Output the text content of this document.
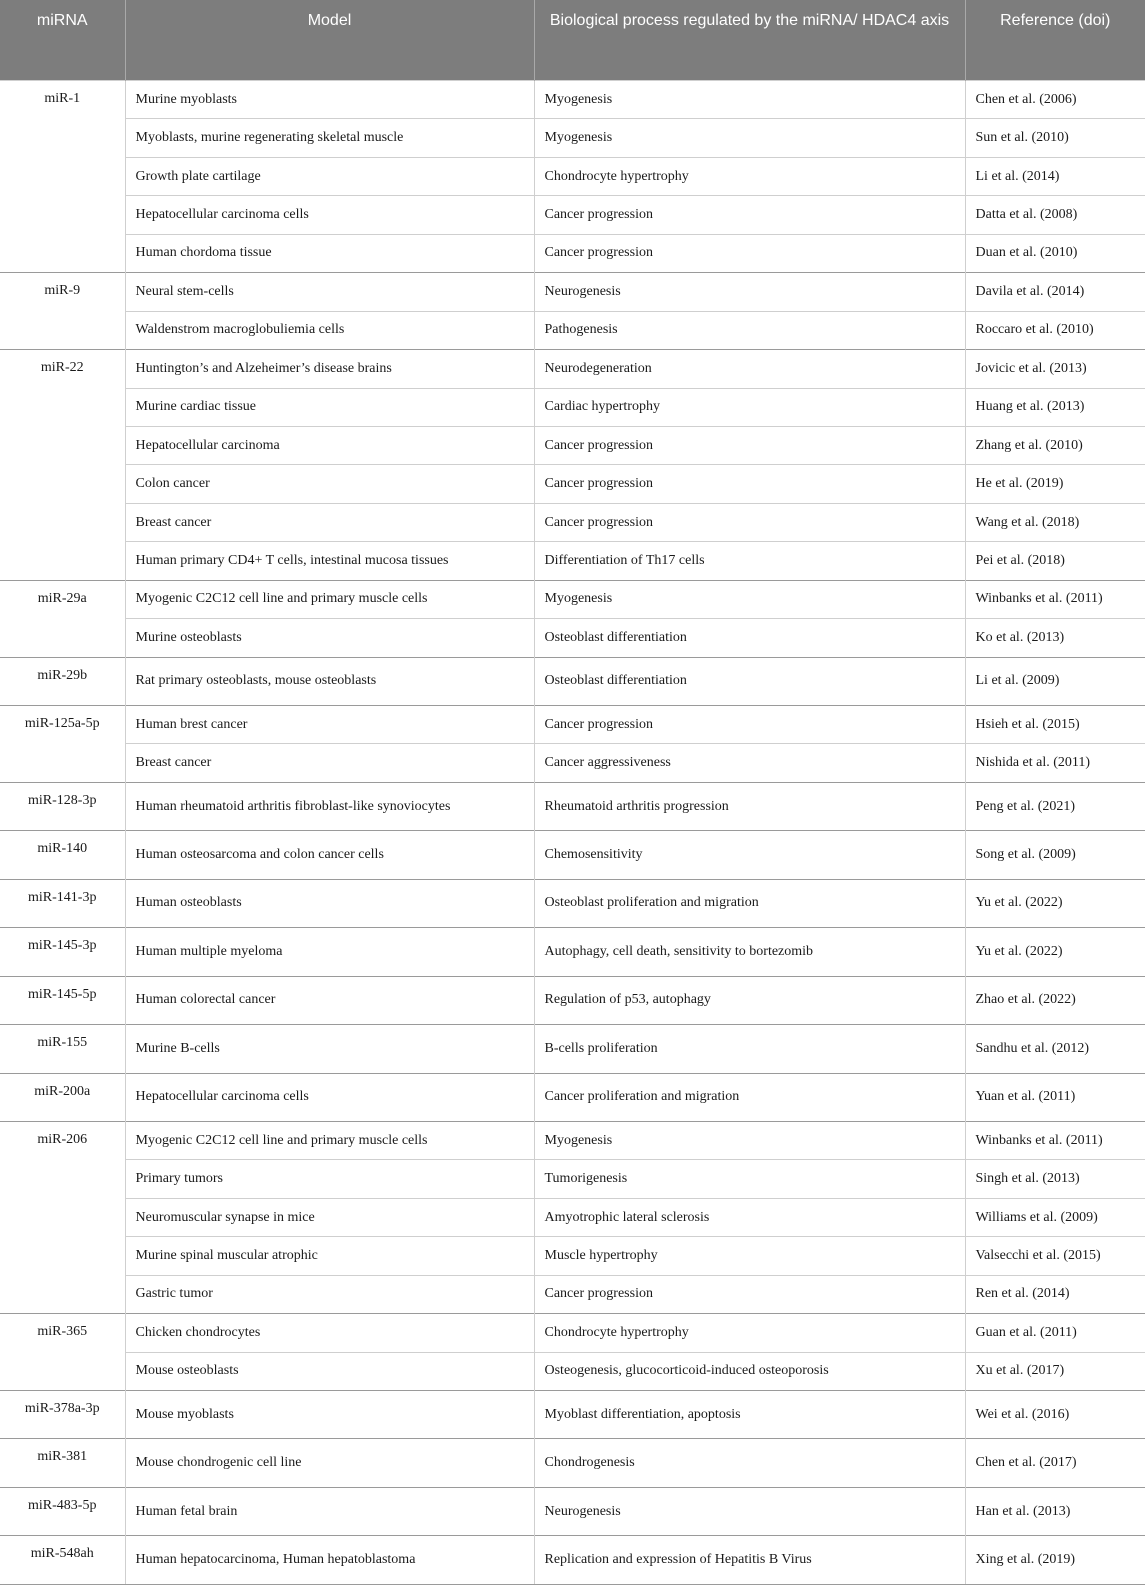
miRNA	Model	Biological process regulated by the miRNA/ HDAC4 axis	Reference (doi)
miR-1	Murine myoblasts	Myogenesis	Chen et al. (2006)
	Myoblasts, murine regenerating skeletal muscle	Myogenesis	Sun et al. (2010)
	Growth plate cartilage	Chondrocyte hypertrophy	Li et al. (2014)
	Hepatocellular carcinoma cells	Cancer progression	Datta et al. (2008)
	Human chordoma tissue	Cancer progression	Duan et al. (2010)
miR-9	Neural stem-cells	Neurogenesis	Davila et al. (2014)
	Waldenstrom macroglobuliemia cells	Pathogenesis	Roccaro et al. (2010)
miR-22	Huntington’s and Alzeheimer’s disease brains	Neurodegeneration	Jovicic et al. (2013)
	Murine cardiac tissue	Cardiac hypertrophy	Huang et al. (2013)
	Hepatocellular carcinoma	Cancer progression	Zhang et al. (2010)
	Colon cancer	Cancer progression	He et al. (2019)
	Breast cancer	Cancer progression	Wang et al. (2018)
	Human primary CD4+ T cells, intestinal mucosa tissues	Differentiation of Th17 cells	Pei et al. (2018)
miR-29a	Myogenic C2C12 cell line and primary muscle cells	Myogenesis	Winbanks et al. (2011)
	Murine osteoblasts	Osteoblast differentiation	Ko et al. (2013)
miR-29b	Rat primary osteoblasts, mouse osteoblasts	Osteoblast differentiation	Li et al. (2009)
miR-125a-5p	Human brest cancer	Cancer progression	Hsieh et al. (2015)
	Breast cancer	Cancer aggressiveness	Nishida et al. (2011)
miR-128-3p	Human rheumatoid arthritis fibroblast-like synoviocytes	Rheumatoid arthritis progression	Peng et al. (2021)
miR-140	Human osteosarcoma and colon cancer cells	Chemosensitivity	Song et al. (2009)
miR-141-3p	Human osteoblasts	Osteoblast proliferation and migration	Yu et al. (2022)
miR-145-3p	Human multiple myeloma	Autophagy, cell death, sensitivity to bortezomib	Yu et al. (2022)
miR-145-5p	Human colorectal cancer	Regulation of p53, autophagy	Zhao et al. (2022)
miR-155	Murine B-cells	B-cells proliferation	Sandhu et al. (2012)
miR-200a	Hepatocellular carcinoma cells	Cancer proliferation and migration	Yuan et al. (2011)
miR-206	Myogenic C2C12 cell line and primary muscle cells	Myogenesis	Winbanks et al. (2011)
	Primary tumors	Tumorigenesis	Singh et al. (2013)
	Neuromuscular synapse in mice	Amyotrophic lateral sclerosis	Williams et al. (2009)
	Murine spinal muscular atrophic	Muscle hypertrophy	Valsecchi et al. (2015)
	Gastric tumor	Cancer progression	Ren et al. (2014)
miR-365	Chicken chondrocytes	Chondrocyte hypertrophy	Guan et al. (2011)
	Mouse osteoblasts	Osteogenesis, glucocorticoid-induced osteoporosis	Xu et al. (2017)
miR-378a-3p	Mouse myoblasts	Myoblast differentiation, apoptosis	Wei et al. (2016)
miR-381	Mouse chondrogenic cell line	Chondrogenesis	Chen et al. (2017)
miR-483-5p	Human fetal brain	Neurogenesis	Han et al. (2013)
miR-548ah	Human hepatocarcinoma, Human hepatoblastoma	Replication and expression of Hepatitis B Virus	Xing et al. (2019)
